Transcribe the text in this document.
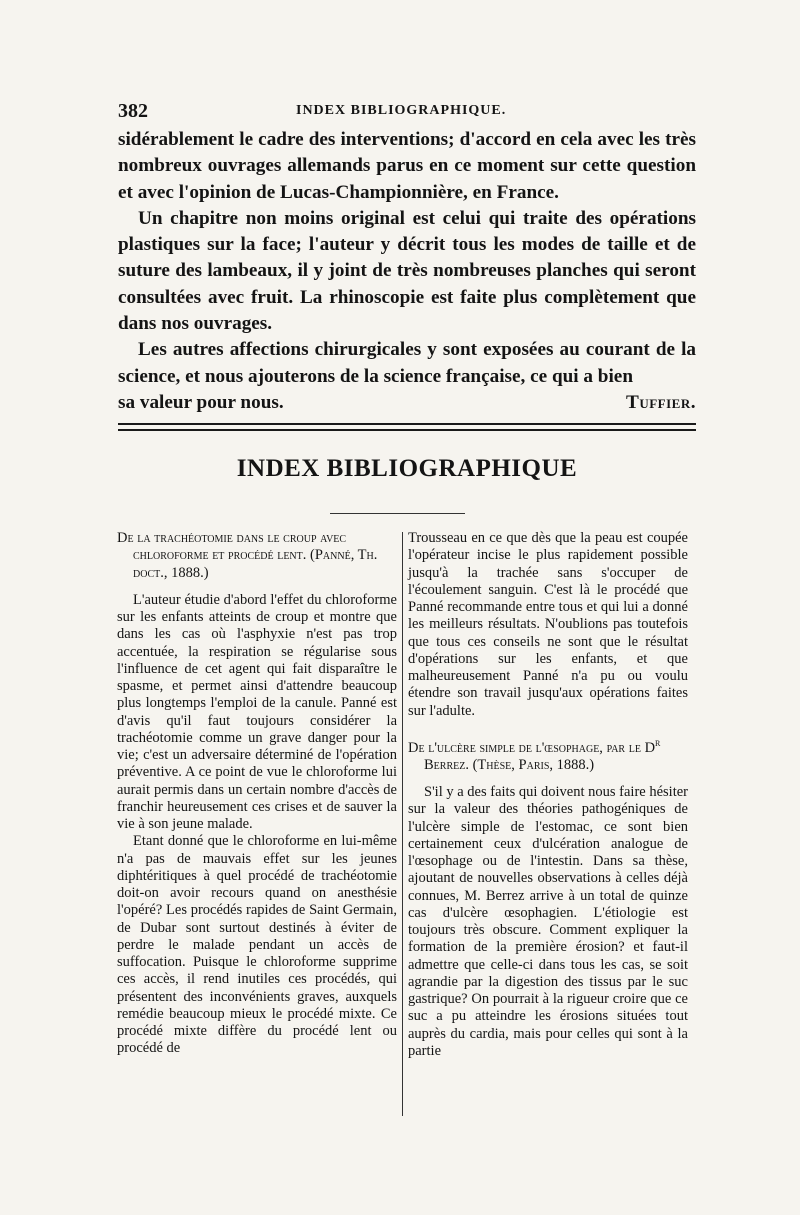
382	INDEX BIBLIOGRAPHIQUE.

sidérablement le cadre des interventions; d'accord en cela avec les très nombreux ouvrages allemands parus en ce moment sur cette question et avec l'opinion de Lucas-Championnière, en France.

Un chapitre non moins original est celui qui traite des opérations plastiques sur la face; l'auteur y décrit tous les modes de taille et de suture des lambeaux, il y joint de très nombreuses planches qui seront consultées avec fruit. La rhinoscopie est faite plus complètement que dans nos ouvrages.

Les autres affections chirurgicales y sont exposées au courant de la science, et nous ajouterons de la science française, ce qui a bien

sa valeur pour nous.	Tuffier.
INDEX BIBLIOGRAPHIQUE

De la trachéotomie dans le croup avec chloroforme et procédé lent. (Panné, Th. doct., 1888.)

L'auteur étudie d'abord l'effet du chloroforme sur les enfants atteints de croup et montre que dans les cas où l'asphyxie n'est pas trop accentuée, la respiration se régularise sous l'influence de cet agent qui fait disparaître le spasme, et permet ainsi d'attendre beaucoup plus longtemps l'emploi de la canule. Panné est d'avis qu'il faut toujours considérer la trachéotomie comme un grave danger pour la vie; c'est un adversaire déterminé de l'opération préventive. A ce point de vue le chloroforme lui aurait permis dans un certain nombre d'accès de franchir heureusement ces crises et de sauver la vie à son jeune malade.

Etant donné que le chloroforme en lui-même n'a pas de mauvais effet sur les jeunes diphtéritiques à quel procédé de trachéotomie doit-on avoir recours quand on anesthésie l'opéré? Les procédés rapides de Saint Germain, de Dubar sont surtout destinés à éviter de perdre le malade pendant un accès de suffocation. Puisque le chloroforme supprime ces accès, il rend inutiles ces procédés, qui présentent des inconvénients graves, auxquels remédie beaucoup mieux le procédé mixte. Ce procédé mixte diffère du procédé lent ou procédé de

Trousseau en ce que dès que la peau est coupée l'opérateur incise le plus rapidement possible jusqu'à la trachée sans s'occuper de l'écoulement sanguin. C'est là le procédé que Panné recommande entre tous et qui lui a donné les meilleurs résultats. N'oublions pas toutefois que tous ces conseils ne sont que le résultat d'opérations sur les enfants, et que malheureusement Panné n'a pu ou voulu étendre son travail jusqu'aux opérations faites sur l'adulte.

De l'ulcère simple de l'œsophage, par le $D^r$ Berrez. (Thèse, Paris, 1888.)

S'il y a des faits qui doivent nous faire hésiter sur la valeur des théories pathogéniques de l'ulcère simple de l'estomac, ce sont bien certainement ceux d'ulcération analogue de l'œsophage ou de l'intestin. Dans sa thèse, ajoutant de nouvelles observations à celles déjà connues, M. Berrez arrive à un total de quinze cas d'ulcère œsophagien. L'étiologie est toujours très obscure. Comment expliquer la formation de la première érosion? et faut-il admettre que celle-ci dans tous les cas, se soit agrandie par la digestion des tissus par le suc gastrique? On pourrait à la rigueur croire que ce suc a pu atteindre les érosions situées tout auprès du cardia, mais pour celles qui sont à la partie
